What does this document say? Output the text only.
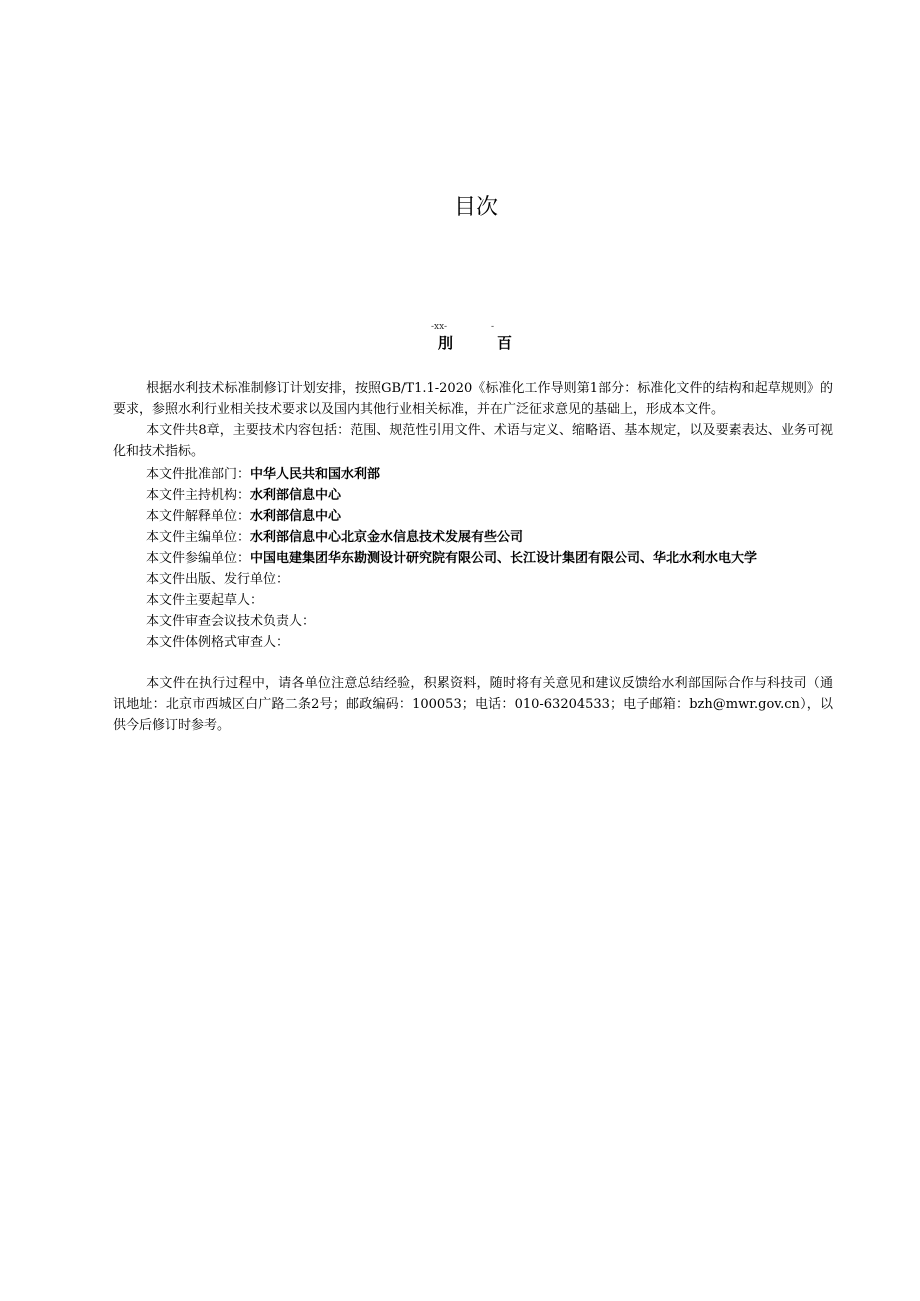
目次
-xx-	-
刖	百

根据水利技术标准制修订计划安排，按照GB/T1.1-2020《标准化工作导则第1部分：标准化文件的结构和起草规则》的要求，参照水利行业相关技术要求以及国内其他行业相关标准，并在广泛征求意见的基础上，形成本文件。

本文件共8章，主要技术内容包括：范围、规范性引用文件、术语与定义、缩略语、基本规定，以及要素表达、业务可视化和技术指标。

本文件批准部门：中华人民共和国水利部

本文件主持机构：水利部信息中心

本文件解释单位：水利部信息中心

本文件主编单位：水利部信息中心北京金水信息技术发展有些公司

本文件参编单位：中国电建集团华东勘测设计研究院有限公司、长江设计集团有限公司、华北水利水电大学

本文件出版、发行单位：

本文件主要起草人：

本文件审查会议技术负责人：

本文件体例格式审查人：

本文件在执行过程中，请各单位注意总结经验，积累资料，随时将有关意见和建议反馈给水利部国际合作与科技司（通讯地址：北京市西城区白广路二条2号；邮政编码：100053；电话：010-63204533；电子邮箱：bzh@mwr.gov.cn），以供今后修订时参考。
